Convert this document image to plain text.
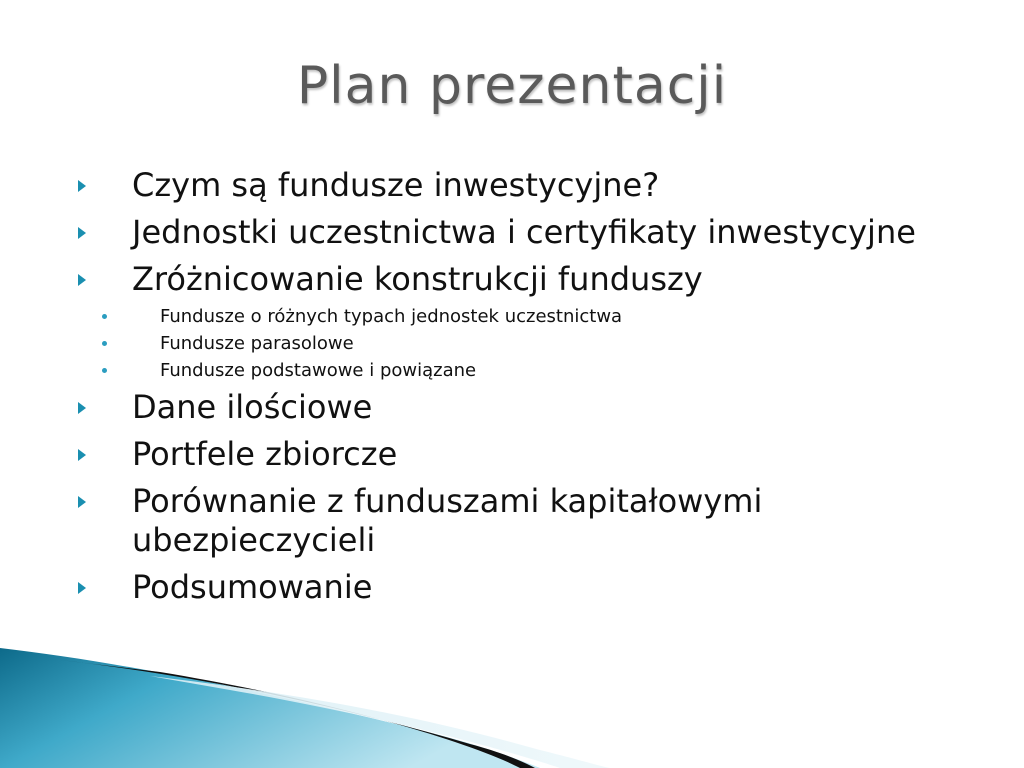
Plan prezentacji
Czym są fundusze inwestycyjne?
Jednostki uczestnictwa i certyfikaty inwestycyjne
Zróżnicowanie konstrukcji funduszy
Fundusze o różnych typach jednostek uczestnictwa
Fundusze parasolowe
Fundusze podstawowe i powiązane
Dane ilościowe
Portfele zbiorcze
Porównanie z funduszami kapitałowymi ubezpieczycieli
Podsumowanie
